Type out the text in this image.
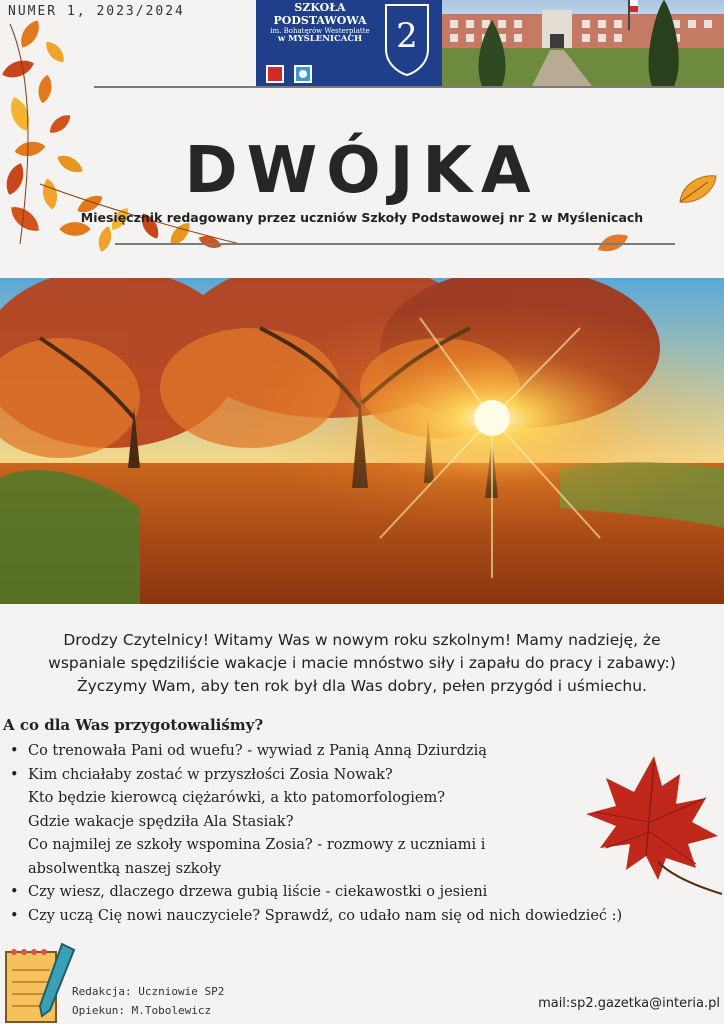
NUMER 1, 2023/2024	SZKOŁA
PODSTAWOWA
im. Bohaterów Westerplatte
w MYŚLENICACH	2
DWÓJKA
Miesięcznik redagowany przez uczniów Szkoły Podstawowej nr 2 w Myślenicach
Drodzy Czytelnicy! Witamy Was w nowym roku szkolnym! Mamy nadzieję, że
wspaniale spędziliście wakacje i macie mnóstwo siły i zapału do pracy i zabawy:)
Życzymy Wam, aby ten rok był dla Was dobry, pełen przygód i uśmiechu.
A co dla Was przygotowaliśmy?
• Co trenowała Pani od wuefu? - wywiad z Panią Anną Dziurdzią
• Kim chciałaby zostać w przyszłości Zosia Nowak?
Kto będzie kierowcą ciężarówki, a kto patomorfologiem?
Gdzie wakacje spędziła Ala Stasiak?
Co najmilej ze szkoły wspomina Zosia? - rozmowy z uczniami i
absolwentką naszej szkoły
• Czy wiesz, dlaczego drzewa gubią liście - ciekawostki o jesieni
• Czy uczą Cię nowi nauczyciele? Sprawdź, co udało nam się od nich dowiedzieć :)
Redakcja: Uczniowie SP2
Opiekun: M.Tobolewicz	mail:sp2.gazetka@interia.pl
